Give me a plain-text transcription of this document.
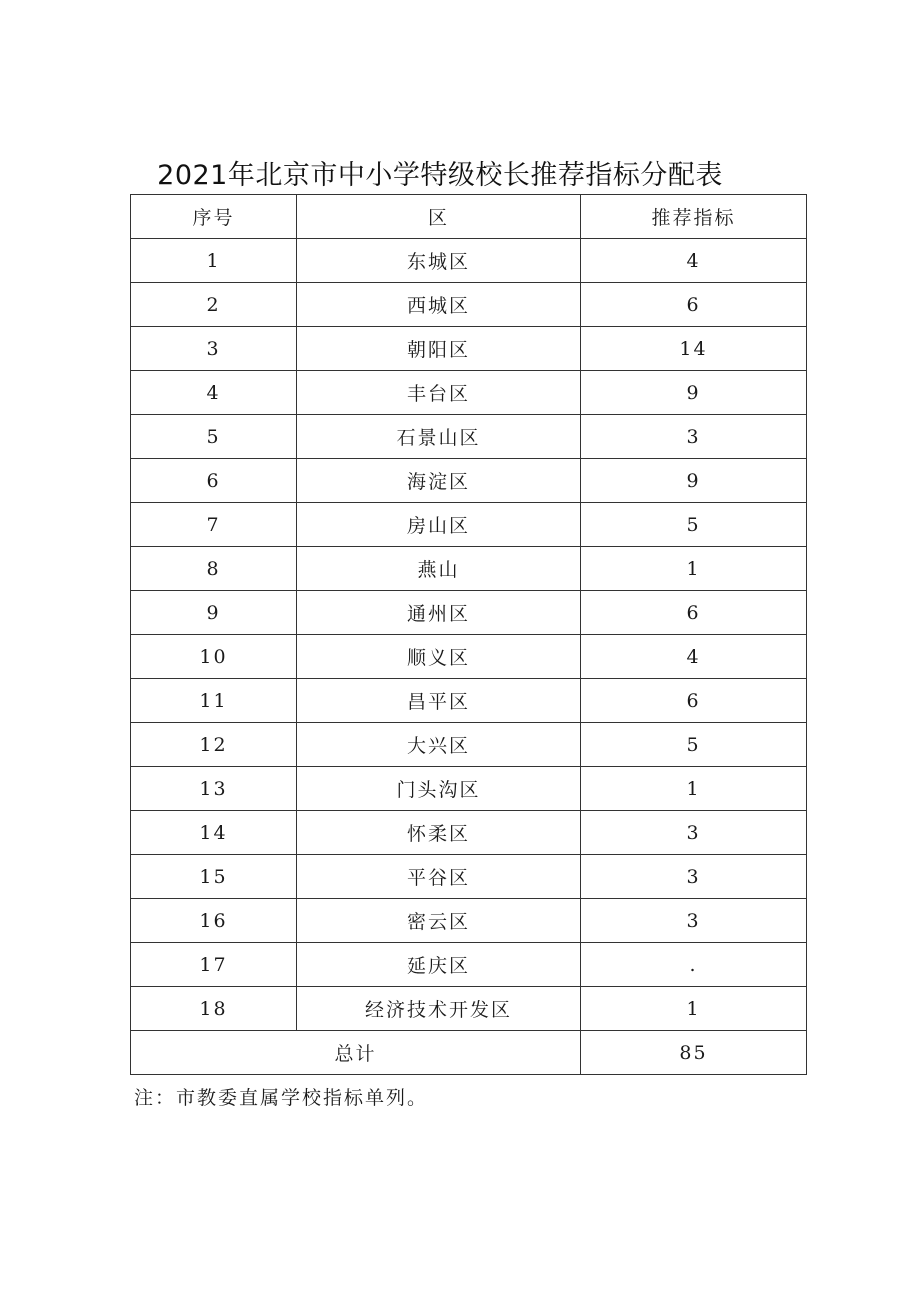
2021年北京市中小学特级校长推荐指标分配表
序号	区	推荐指标
1	东城区	4
2	西城区	6
3	朝阳区	14
4	丰台区	9
5	石景山区	3
6	海淀区	9
7	房山区	5
8	燕山	1
9	通州区	6
10	顺义区	4
11	昌平区	6
12	大兴区	5
13	门头沟区	1
14	怀柔区	3
15	平谷区	3
16	密云区	3
17	延庆区	.
18	经济技术开发区	1
总计		85
注：市教委直属学校指标单列。
